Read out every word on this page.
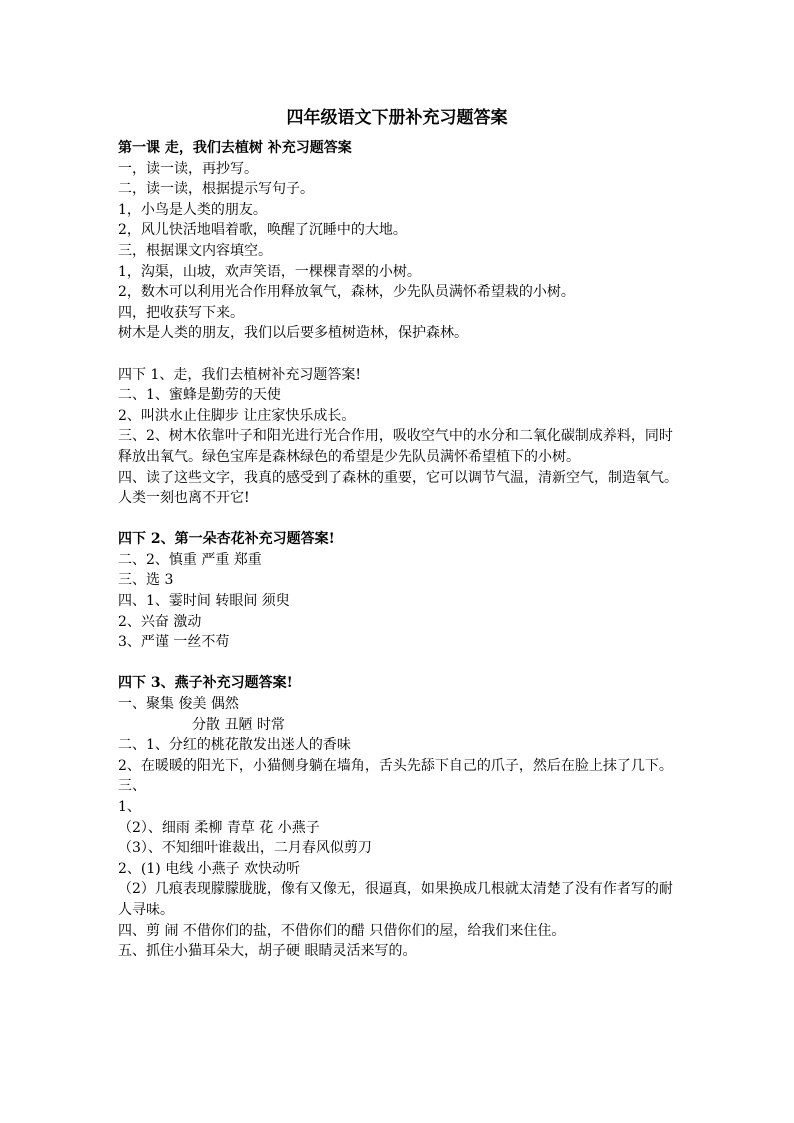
四年级语文下册补充习题答案
第一课 走，我们去植树 补充习题答案
一，读一读，再抄写。
二，读一读，根据提示写句子。
1，小鸟是人类的朋友。
2，风儿快活地唱着歌，唤醒了沉睡中的大地。
三，根据课文内容填空。
1，沟渠，山坡，欢声笑语，一棵棵青翠的小树。
2，数木可以利用光合作用释放氧气，森林，少先队员满怀希望栽的小树。
四，把收获写下来。
树木是人类的朋友，我们以后要多植树造林，保护森林。
四下 1、走，我们去植树补充习题答案!
二、1、蜜蜂是勤劳的天使
2、叫洪水止住脚步 让庄家快乐成长。
三、2、树木依靠叶子和阳光进行光合作用，吸收空气中的水分和二氧化碳制成养料，同时释放出氧气。绿色宝库是森林绿色的希望是少先队员满怀希望植下的小树。
四、读了这些文字，我真的感受到了森林的重要，它可以调节气温，清新空气，制造氧气。人类一刻也离不开它!
四下 2、第一朵杏花补充习题答案!
二、2、慎重 严重 郑重
三、选 3
四、1、霎时间 转眼间 须臾
2、兴奋 激动
3、严谨 一丝不苟
四下 3、燕子补充习题答案!
一、聚集 俊美 偶然
分散 丑陋 时常
二、1、分红的桃花散发出迷人的香味
2、在暖暖的阳光下，小猫侧身躺在墙角，舌头先舔下自己的爪子，然后在脸上抹了几下。
三、
1、
（2）、细雨 柔柳 青草 花 小燕子
（3）、不知细叶谁裁出，二月春风似剪刀
2、(1) 电线 小燕子 欢快动听
（2）几痕表现朦朦胧胧，像有又像无，很逼真，如果换成几根就太清楚了没有作者写的耐人寻味。
四、剪 闹 不借你们的盐，不借你们的醋 只借你们的屋，给我们来住住。
五、抓住小猫耳朵大，胡子硬 眼睛灵活来写的。
